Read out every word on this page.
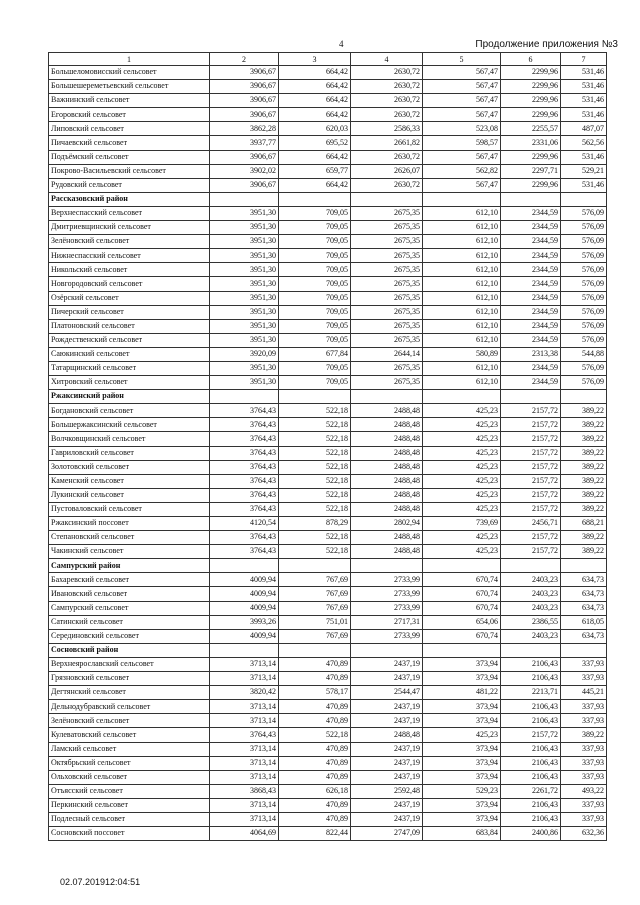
4	Продолжение приложения №3
1	2	3	4	5	6	7
Большеломовисский сельсовет	3906,67	664,42	2630,72	567,47	2299,96	531,46
Большешереметьевский сельсовет	3906,67	664,42	2630,72	567,47	2299,96	531,46
Важнинский сельсовет	3906,67	664,42	2630,72	567,47	2299,96	531,46
Егоровский сельсовет	3906,67	664,42	2630,72	567,47	2299,96	531,46
Липовский сельсовет	3862,28	620,03	2586,33	523,08	2255,57	487,07
Пичаевский сельсовет	3937,77	695,52	2661,82	598,57	2331,06	562,56
Подъёмский сельсовет	3906,67	664,42	2630,72	567,47	2299,96	531,46
Покрово-Васильевский сельсовет	3902,02	659,77	2626,07	562,82	2297,71	529,21
Рудовский сельсовет	3906,67	664,42	2630,72	567,47	2299,96	531,46
Рассказовский район						
Верхнеспасский сельсовет	3951,30	709,05	2675,35	612,10	2344,59	576,09
Дмитриевщинский сельсовет	3951,30	709,05	2675,35	612,10	2344,59	576,09
Зелёновский сельсовет	3951,30	709,05	2675,35	612,10	2344,59	576,09
Нижнеспасский сельсовет	3951,30	709,05	2675,35	612,10	2344,59	576,09
Никольский сельсовет	3951,30	709,05	2675,35	612,10	2344,59	576,09
Новгородовский сельсовет	3951,30	709,05	2675,35	612,10	2344,59	576,09
Озёрский сельсовет	3951,30	709,05	2675,35	612,10	2344,59	576,09
Пичерский сельсовет	3951,30	709,05	2675,35	612,10	2344,59	576,09
Платоновский сельсовет	3951,30	709,05	2675,35	612,10	2344,59	576,09
Рождественский сельсовет	3951,30	709,05	2675,35	612,10	2344,59	576,09
Саюкинский сельсовет	3920,09	677,84	2644,14	580,89	2313,38	544,88
Татарщинский сельсовет	3951,30	709,05	2675,35	612,10	2344,59	576,09
Хитровский сельсовет	3951,30	709,05	2675,35	612,10	2344,59	576,09
Ржаксинский район						
Богдановский сельсовет	3764,43	522,18	2488,48	425,23	2157,72	389,22
Большержаксинский сельсовет	3764,43	522,18	2488,48	425,23	2157,72	389,22
Волчковщинский сельсовет	3764,43	522,18	2488,48	425,23	2157,72	389,22
Гавриловский сельсовет	3764,43	522,18	2488,48	425,23	2157,72	389,22
Золотовский сельсовет	3764,43	522,18	2488,48	425,23	2157,72	389,22
Каменский сельсовет	3764,43	522,18	2488,48	425,23	2157,72	389,22
Лукинский сельсовет	3764,43	522,18	2488,48	425,23	2157,72	389,22
Пустоваловский сельсовет	3764,43	522,18	2488,48	425,23	2157,72	389,22
Ржаксинский поссовет	4120,54	878,29	2802,94	739,69	2456,71	688,21
Степановский сельсовет	3764,43	522,18	2488,48	425,23	2157,72	389,22
Чакинский сельсовет	3764,43	522,18	2488,48	425,23	2157,72	389,22
Сампурский район						
Бахаревский сельсовет	4009,94	767,69	2733,99	670,74	2403,23	634,73
Ивановский сельсовет	4009,94	767,69	2733,99	670,74	2403,23	634,73
Сампурский сельсовет	4009,94	767,69	2733,99	670,74	2403,23	634,73
Сатинский сельсовет	3993,26	751,01	2717,31	654,06	2386,55	618,05
Серединовский сельсовет	4009,94	767,69	2733,99	670,74	2403,23	634,73
Сосновский район						
Верхнеярославский сельсовет	3713,14	470,89	2437,19	373,94	2106,43	337,93
Грязновский сельсовет	3713,14	470,89	2437,19	373,94	2106,43	337,93
Дегтянский сельсовет	3820,42	578,17	2544,47	481,22	2213,71	445,21
Дельнодубравский сельсовет	3713,14	470,89	2437,19	373,94	2106,43	337,93
Зелёновский сельсовет	3713,14	470,89	2437,19	373,94	2106,43	337,93
Кулеватовский сельсовет	3764,43	522,18	2488,48	425,23	2157,72	389,22
Ламский сельсовет	3713,14	470,89	2437,19	373,94	2106,43	337,93
Октябрьский сельсовет	3713,14	470,89	2437,19	373,94	2106,43	337,93
Ольховский сельсовет	3713,14	470,89	2437,19	373,94	2106,43	337,93
Отъясский сельсовет	3868,43	626,18	2592,48	529,23	2261,72	493,22
Перкинский сельсовет	3713,14	470,89	2437,19	373,94	2106,43	337,93
Подлесный сельсовет	3713,14	470,89	2437,19	373,94	2106,43	337,93
Сосновский поссовет	4064,69	822,44	2747,09	683,84	2400,86	632,36
02.07.201912:04:51
